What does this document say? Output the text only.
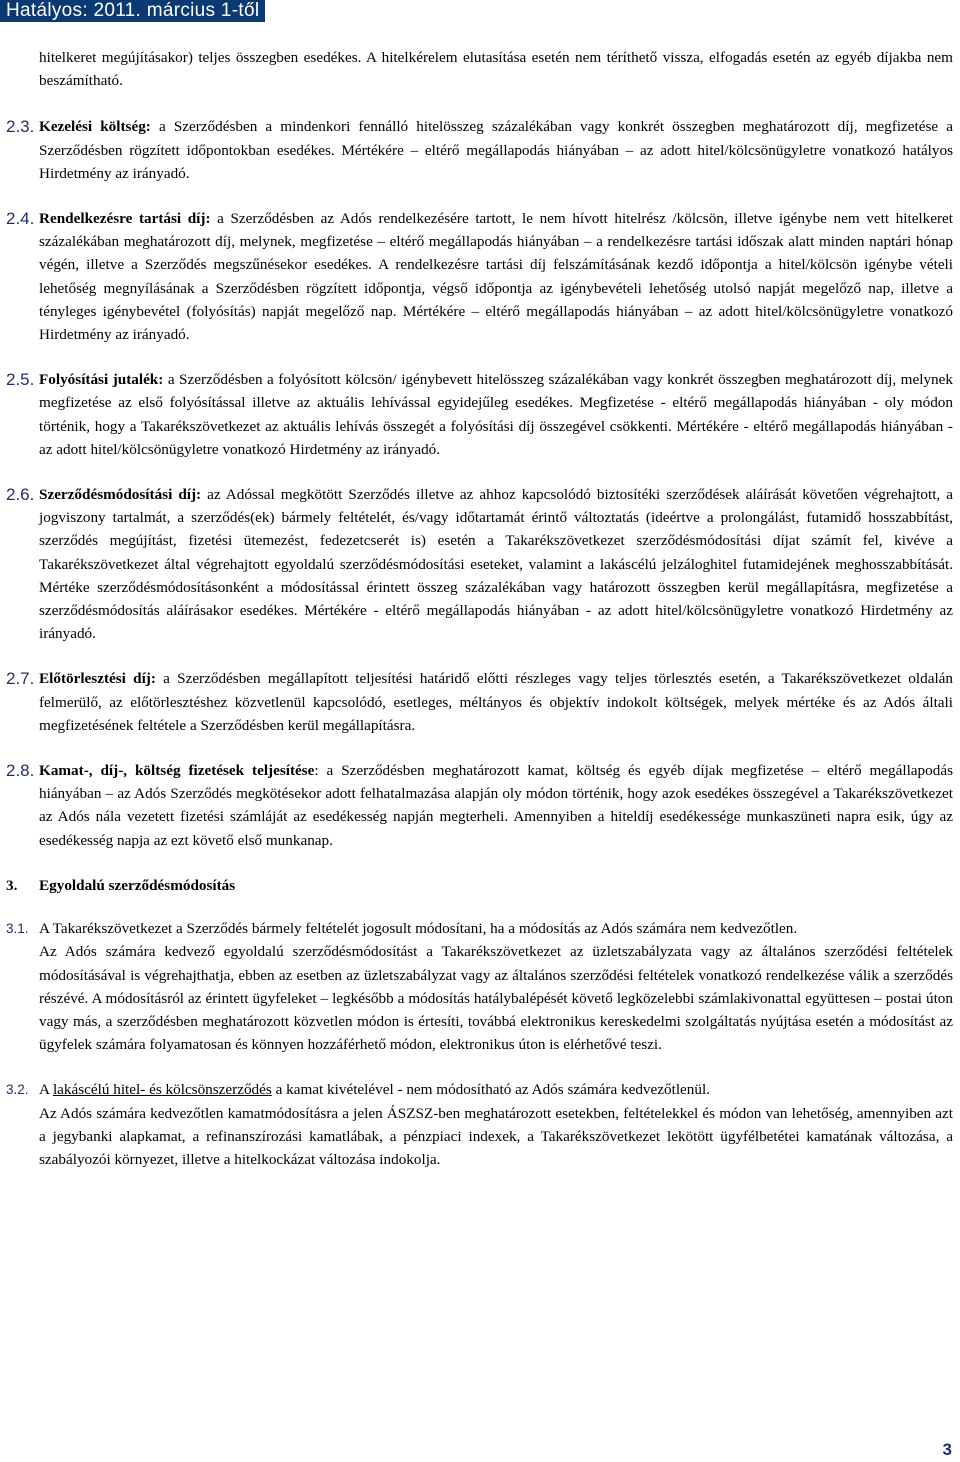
Hatályos: 2011. március 1-től
hitelkeret megújításakor) teljes összegben esedékes. A hitelkérelem elutasítása esetén nem téríthető vissza, elfogadás esetén az egyéb díjakba nem beszámítható.
2.3. Kezelési költség: a Szerződésben a mindenkori fennálló hitelösszeg százalékában vagy konkrét összegben meghatározott díj, megfizetése a Szerződésben rögzített időpontokban esedékes. Mértékére – eltérő megállapodás hiányában – az adott hitel/kölcsönügyletre vonatkozó hatályos Hirdetmény az irányadó.

2.4. Rendelkezésre tartási díj: a Szerződésben az Adós rendelkezésére tartott, le nem hívott hitelrész /kölcsön, illetve igénybe nem vett hitelkeret százalékában meghatározott díj, melynek, megfizetése – eltérő megállapodás hiányában – a rendelkezésre tartási időszak alatt minden naptári hónap végén, illetve a Szerződés megszűnésekor esedékes. A rendelkezésre tartási díj felszámításának kezdő időpontja a hitel/kölcsön igénybe vételi lehetőség megnyílásának a Szerződésben rögzített időpontja, végső időpontja az igénybevételi lehetőség utolsó napját megelőző nap, illetve a tényleges igénybevétel (folyósítás) napját megelőző nap. Mértékére – eltérő megállapodás hiányában – az adott hitel/kölcsönügyletre vonatkozó Hirdetmény az irányadó.

2.5. Folyósítási jutalék: a Szerződésben a folyósított kölcsön/ igénybevett hitelösszeg százalékában vagy konkrét összegben meghatározott díj, melynek megfizetése az első folyósítással illetve az aktuális lehívással egyidejűleg esedékes. Megfizetése - eltérő megállapodás hiányában - oly módon történik, hogy a Takarékszövetkezet az aktuális lehívás összegét a folyósítási díj összegével csökkenti. Mértékére - eltérő megállapodás hiányában - az adott hitel/kölcsönügyletre vonatkozó Hirdetmény az irányadó.

2.6. Szerződésmódosítási díj: az Adóssal megkötött Szerződés illetve az ahhoz kapcsolódó biztosítéki szerződések aláírását követően végrehajtott, a jogviszony tartalmát, a szerződés(ek) bármely feltételét, és/vagy időtartamát érintő változtatás (ideértve a prolongálást, futamidő hosszabbítást, szerződés megújítást, fizetési ütemezést, fedezetcserét is) esetén a Takarékszövetkezet szerződésmódosítási díjat számít fel, kivéve a Takarékszövetkezet által végrehajtott egyoldalú szerződésmódosítási eseteket, valamint a lakáscélú jelzáloghitel futamidejének meghosszabbítását. Mértéke szerződésmódosításonként a módosítással érintett összeg százalékában vagy határozott összegben kerül megállapításra, megfizetése a szerződésmódosítás aláírásakor esedékes. Mértékére - eltérő megállapodás hiányában - az adott hitel/kölcsönügyletre vonatkozó Hirdetmény az irányadó.

2.7. Előtörlesztési díj: a Szerződésben megállapított teljesítési határidő előtti részleges vagy teljes törlesztés esetén, a Takarékszövetkezet oldalán felmerülő, az előtörlesztéshez közvetlenül kapcsolódó, esetleges, méltányos és objektív indokolt költségek, melyek mértéke és az Adós általi megfizetésének feltétele a Szerződésben kerül megállapításra.

2.8. Kamat-, díj-, költség fizetések teljesítése: a Szerződésben meghatározott kamat, költség és egyéb díjak megfizetése – eltérő megállapodás hiányában – az Adós Szerződés megkötésekor adott felhatalmazása alapján oly módon történik, hogy azok esedékes összegével a Takarékszövetkezet az Adós nála vezetett fizetési számláját az esedékesség napján megterheli. Amennyiben a hiteldíj esedékessége munkaszüneti napra esik, úgy az esedékesség napja az ezt követő első munkanap.

3. Egyoldalú szerződésmódosítás
3.1. A Takarékszövetkezet a Szerződés bármely feltételét jogosult módosítani, ha a módosítás az Adós számára nem kedvezőtlen.

Az Adós számára kedvező egyoldalú szerződésmódosítást a Takarékszövetkezet az üzletszabályzata vagy az általános szerződési feltételek módosításával is végrehajthatja, ebben az esetben az üzletszabályzat vagy az általános szerződési feltételek vonatkozó rendelkezése válik a szerződés részévé. A módosításról az érintett ügyfeleket – legkésőbb a módosítás hatálybalépését követő legközelebbi számlakivonattal együttesen – postai úton vagy más, a szerződésben meghatározott közvetlen módon is értesíti, továbbá elektronikus kereskedelmi szolgáltatás nyújtása esetén a módosítást az ügyfelek számára folyamatosan és könnyen hozzáférhető módon, elektronikus úton is elérhetővé teszi.

3.2. A lakáscélú hitel- és kölcsönszerződés a kamat kivételével - nem módosítható az Adós számára kedvezőtlenül.

Az Adós számára kedvezőtlen kamatmódosításra a jelen ÁSZSZ-ben meghatározott esetekben, feltételekkel és módon van lehetőség, amennyiben azt a jegybanki alapkamat, a refinanszírozási kamatlábak, a pénzpiaci indexek, a Takarékszövetkezet lekötött ügyfélbetétei kamatának változása, a szabályozói környezet, illetve a hitelkockázat változása indokolja.

3
